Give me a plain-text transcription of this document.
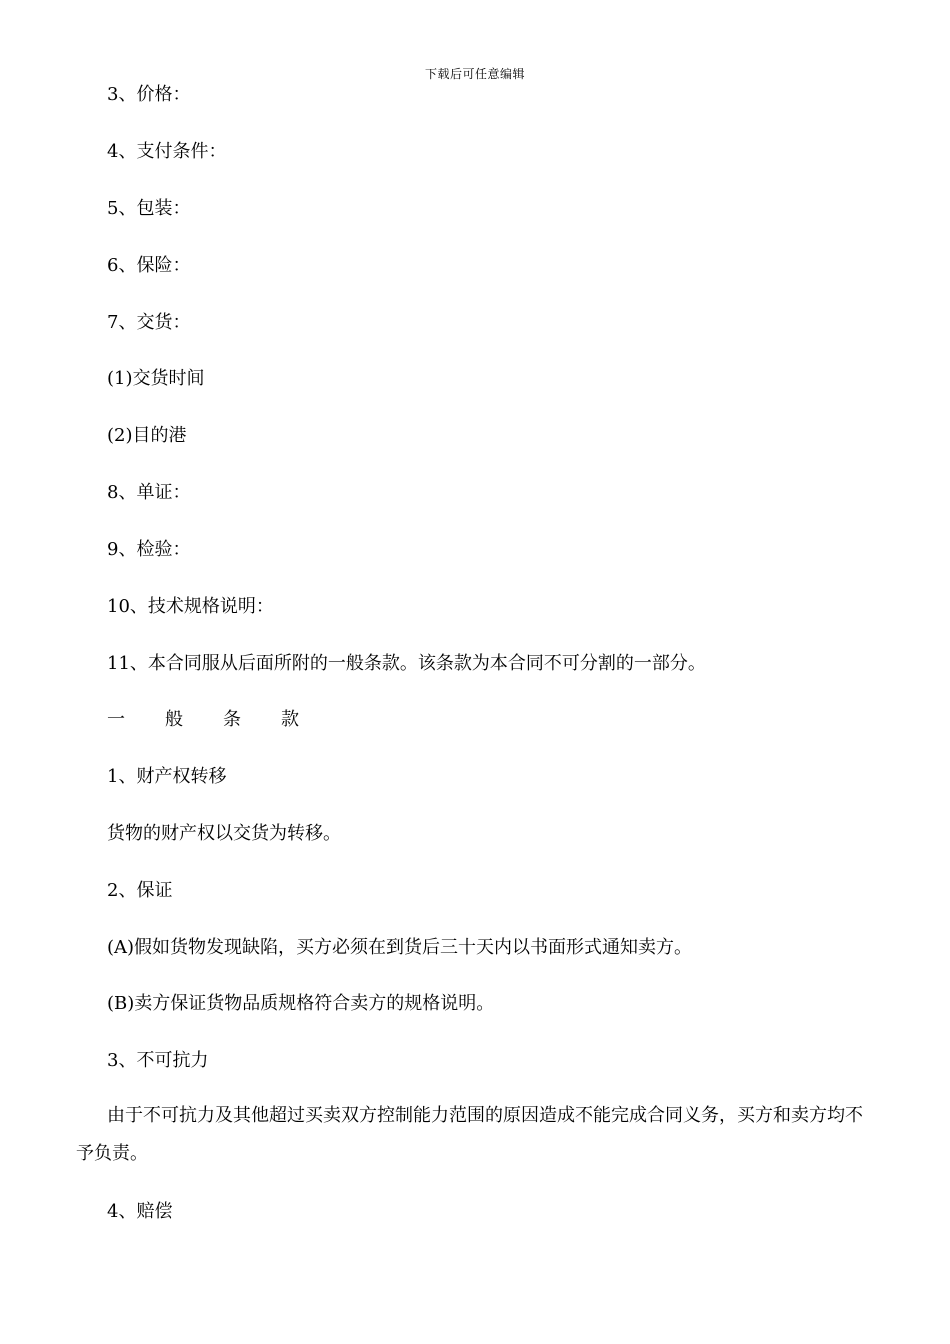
下载后可任意编辑
3、价格：
4、支付条件：
5、包装：
6、保险：
7、交货：
(1)交货时间
(2)目的港
8、单证：
9、检验：
10、技术规格说明：
11、本合同服从后面所附的一般条款。该条款为本合同不可分割的一部分。
一 般 条 款
1、财产权转移
货物的财产权以交货为转移。
2、保证
(A)假如货物发现缺陷，买方必须在到货后三十天内以书面形式通知卖方。
(B)卖方保证货物品质规格符合卖方的规格说明。
3、不可抗力
由于不可抗力及其他超过买卖双方控制能力范围的原因造成不能完成合同义务，买方和卖方均不予负责。
4、赔偿
